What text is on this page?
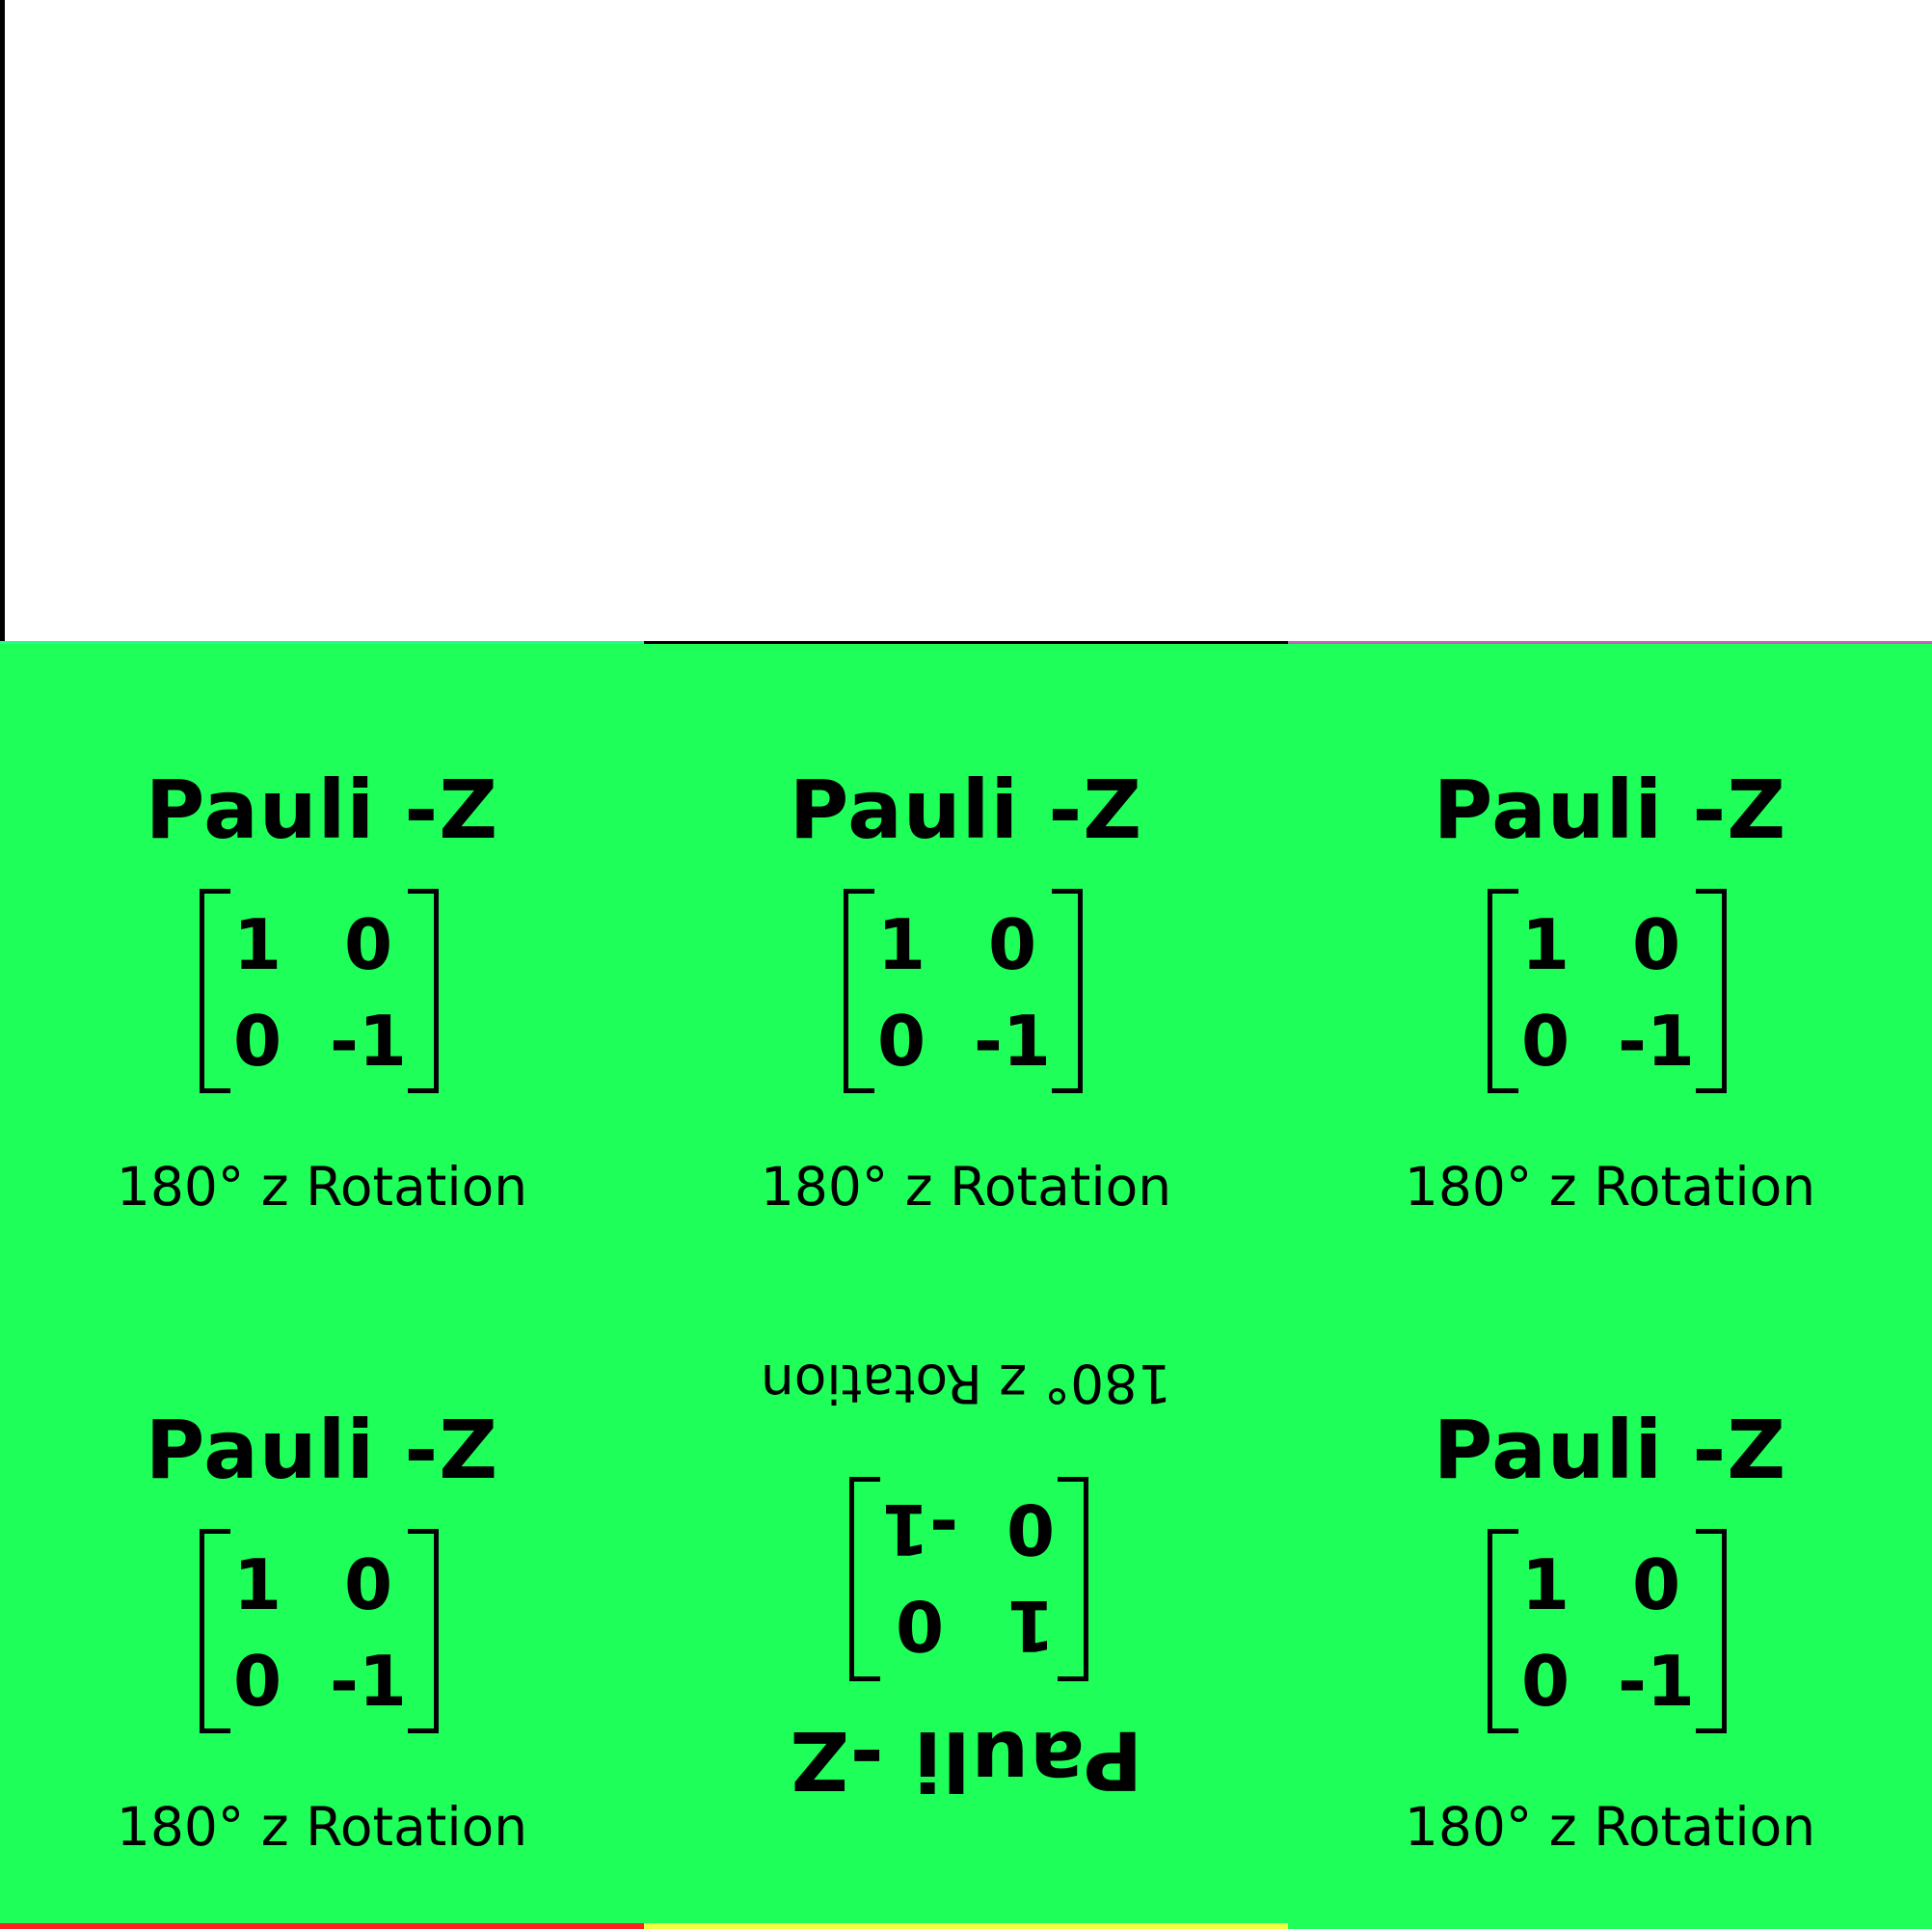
Pauli -Z
1 0
0 -1
180° z Rotation
Pauli -Z
1 0
0 -1
180° z Rotation
Pauli -Z
1 0
0 -1
180° z Rotation
Pauli -Z
1 0
0 -1
180° z Rotation
Pauli -Z
1
0
0
-1
180° z Rotation
Pauli -Z
1 0
0 -1
180° z Rotation
